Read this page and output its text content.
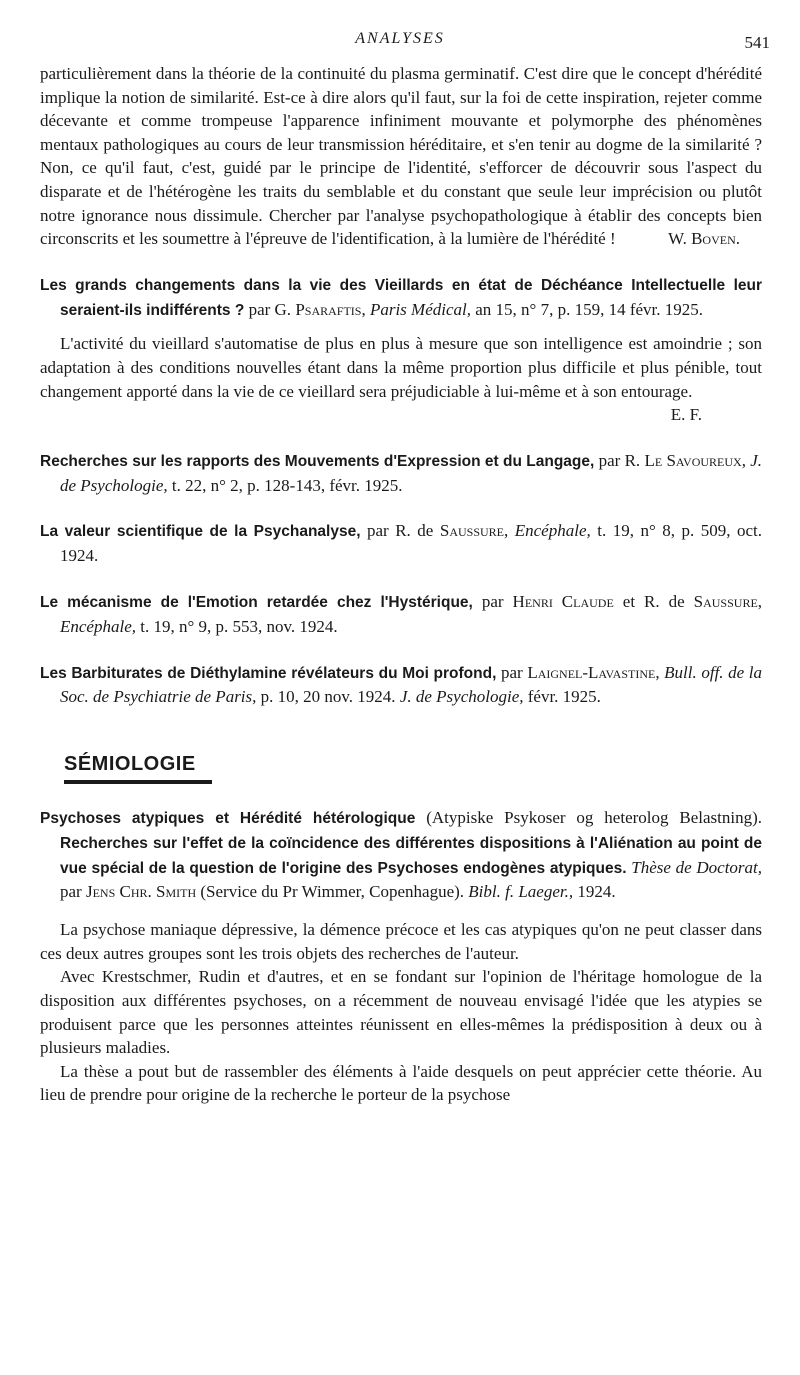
ANALYSES	541

particulièrement dans la théorie de la continuité du plasma germinatif. C'est dire que le concept d'hérédité implique la notion de similarité. Est-ce à dire alors qu'il faut, sur la foi de cette inspiration, rejeter comme décevante et comme trompeuse l'apparence infiniment mouvante et polymorphe des phénomènes mentaux pathologiques au cours de leur transmission héréditaire, et s'en tenir au dogme de la similarité ? Non, ce qu'il faut, c'est, guidé par le principe de l'identité, s'efforcer de découvrir sous l'aspect du disparate et de l'hétérogène les traits du semblable et du constant que seule leur imprécision ou plutôt notre ignorance nous dissimule. Chercher par l'analyse psychopathologique à établir des concepts bien circonscrits et les soumettre à l'épreuve de l'identification, à la lumière de l'hérédité !	W. Boven.

Les grands changements dans la vie des Vieillards en état de Déchéance Intellectuelle leur seraient-ils indifférents ? par G. Psaraftis, Paris Médical, an 15, n° 7, p. 159, 14 févr. 1925.

L'activité du vieillard s'automatise de plus en plus à mesure que son intelligence est amoindrie ; son adaptation à des conditions nouvelles étant dans la même proportion plus difficile et plus pénible, tout changement apporté dans la vie de ce vieillard sera préjudiciable à lui-même et à son entourage.
E. F.

Recherches sur les rapports des Mouvements d'Expression et du Langage, par R. Le Savoureux, J. de Psychologie, t. 22, n° 2, p. 128-143, févr. 1925.

La valeur scientifique de la Psychanalyse, par R. de Saussure, Encéphale, t. 19, n° 8, p. 509, oct. 1924.

Le mécanisme de l'Emotion retardée chez l'Hystérique, par Henri Claude et R. de Saussure, Encéphale, t. 19, n° 9, p. 553, nov. 1924.

Les Barbiturates de Diéthylamine révélateurs du Moi profond, par Laignel-Lavastine, Bull. off. de la Soc. de Psychiatrie de Paris, p. 10, 20 nov. 1924. J. de Psychologie, févr. 1925.

SÉMIOLOGIE

Psychoses atypiques et Hérédité hétérologique (Atypiske Psykoser og heterolog Belastning). Recherches sur l'effet de la coïncidence des différentes dispositions à l'Aliénation au point de vue spécial de la question de l'origine des Psychoses endogènes atypiques. Thèse de Doctorat, par Jens Chr. Smith (Service du Pr Wimmer, Copenhague). Bibl. f. Laeger., 1924.

La psychose maniaque dépressive, la démence précoce et les cas atypiques qu'on ne peut classer dans ces deux autres groupes sont les trois objets des recherches de l'auteur.

Avec Krestschmer, Rudin et d'autres, et en se fondant sur l'opinion de l'héritage homologue de la disposition aux différentes psychoses, on a récemment de nouveau envisagé l'idée que les atypies se produisent parce que les personnes atteintes réunissent en elles-mêmes la prédisposition à deux ou à plusieurs maladies.

La thèse a pout but de rassembler des éléments à l'aide desquels on peut apprécier cette théorie. Au lieu de prendre pour origine de la recherche le porteur de la psychose
